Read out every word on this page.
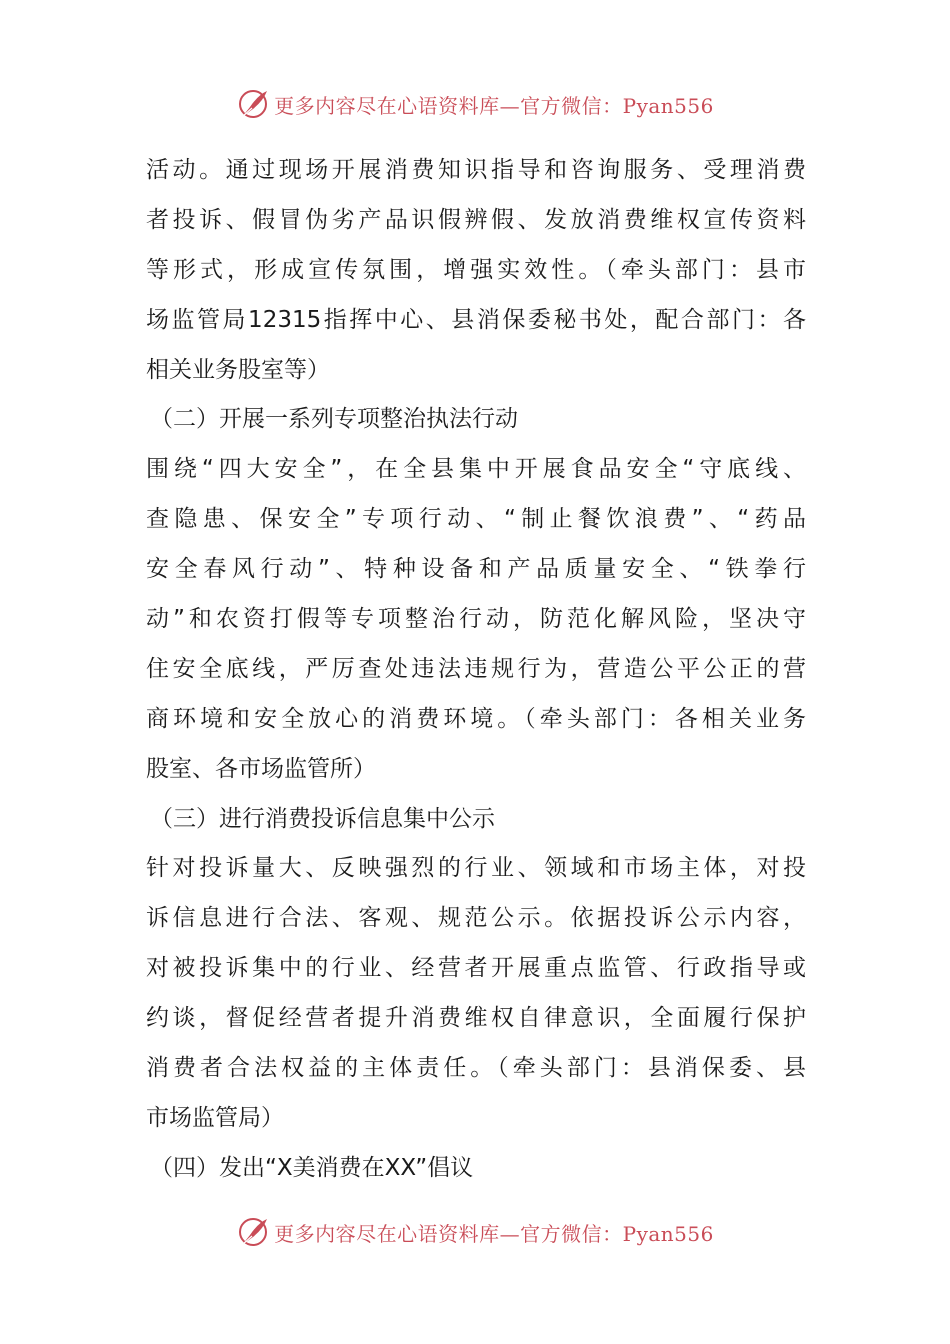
更多内容尽在心语资料库—官方微信：Pyan556
活动。通过现场开展消费知识指导和咨询服务、受理消费
者投诉、假冒伪劣产品识假辨假、发放消费维权宣传资料
等形式，形成宣传氛围，增强实效性。（牵头部门：县市
场监管局12315指挥中心、县消保委秘书处，配合部门：各
相关业务股室等）
（二）开展一系列专项整治执法行动
围绕“四大安全”，在全县集中开展食品安全“守底线、
查隐患、保安全”专项行动、“制止餐饮浪费”、“药品
安全春风行动”、特种设备和产品质量安全、“铁拳行
动”和农资打假等专项整治行动，防范化解风险，坚决守
住安全底线，严厉查处违法违规行为，营造公平公正的营
商环境和安全放心的消费环境。（牵头部门：各相关业务
股室、各市场监管所）
（三）进行消费投诉信息集中公示
针对投诉量大、反映强烈的行业、领域和市场主体，对投
诉信息进行合法、客观、规范公示。依据投诉公示内容，
对被投诉集中的行业、经营者开展重点监管、行政指导或
约谈，督促经营者提升消费维权自律意识，全面履行保护
消费者合法权益的主体责任。（牵头部门：县消保委、县
市场监管局）
（四）发出“X美消费在XX”倡议
更多内容尽在心语资料库—官方微信：Pyan556
